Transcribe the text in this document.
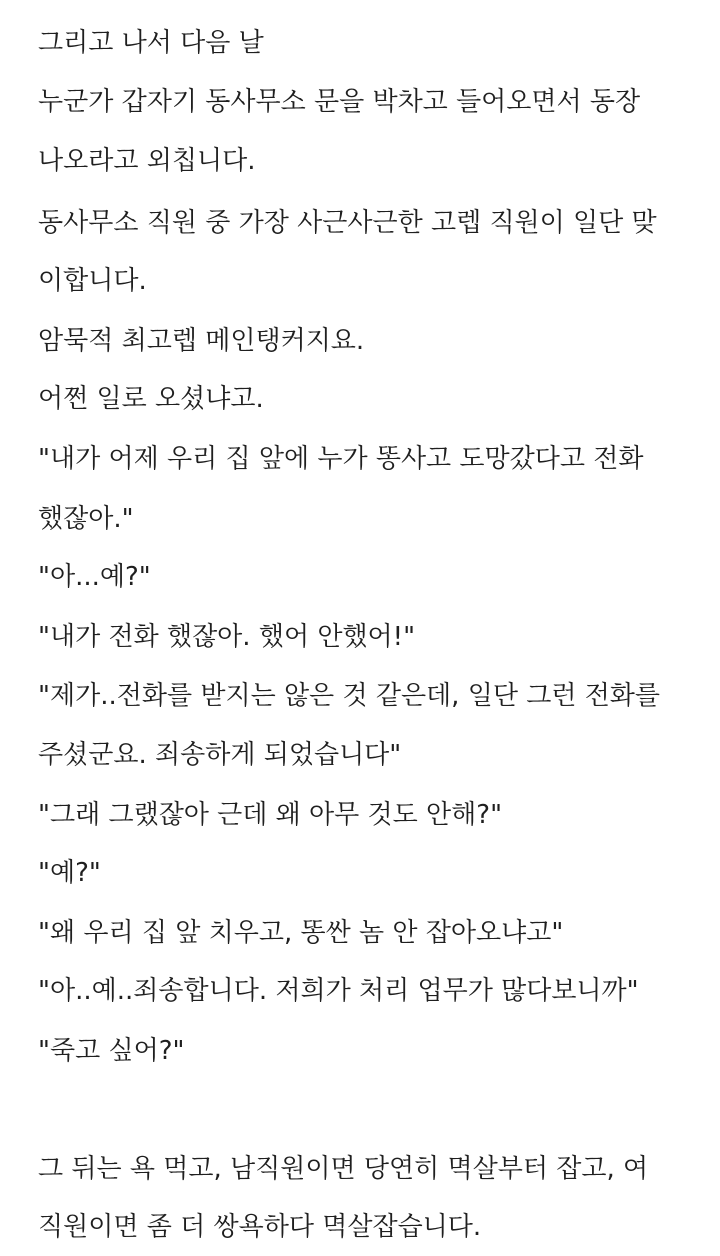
그리고 나서 다음 날
누군가 갑자기 동사무소 문을 박차고 들어오면서 동장
나오라고 외칩니다.
동사무소 직원 중 가장 사근사근한 고렙 직원이 일단 맞
이합니다.
암묵적 최고렙 메인탱커지요.
어쩐 일로 오셨냐고.
"내가 어제 우리 집 앞에 누가 똥사고 도망갔다고 전화
했잖아."
"아...예?"
"내가 전화 했잖아. 했어 안했어!"
"제가..전화를 받지는 않은 것 같은데, 일단 그런 전화를
주셨군요. 죄송하게 되었습니다"
"그래 그랬잖아 근데 왜 아무 것도 안해?"
"예?"
"왜 우리 집 앞 치우고, 똥싼 놈 안 잡아오냐고"
"아..예..죄송합니다. 저희가 처리 업무가 많다보니까"
"죽고 싶어?"
그 뒤는 욕 먹고, 남직원이면 당연히 멱살부터 잡고, 여
직원이면 좀 더 쌍욕하다 멱살잡습니다.
